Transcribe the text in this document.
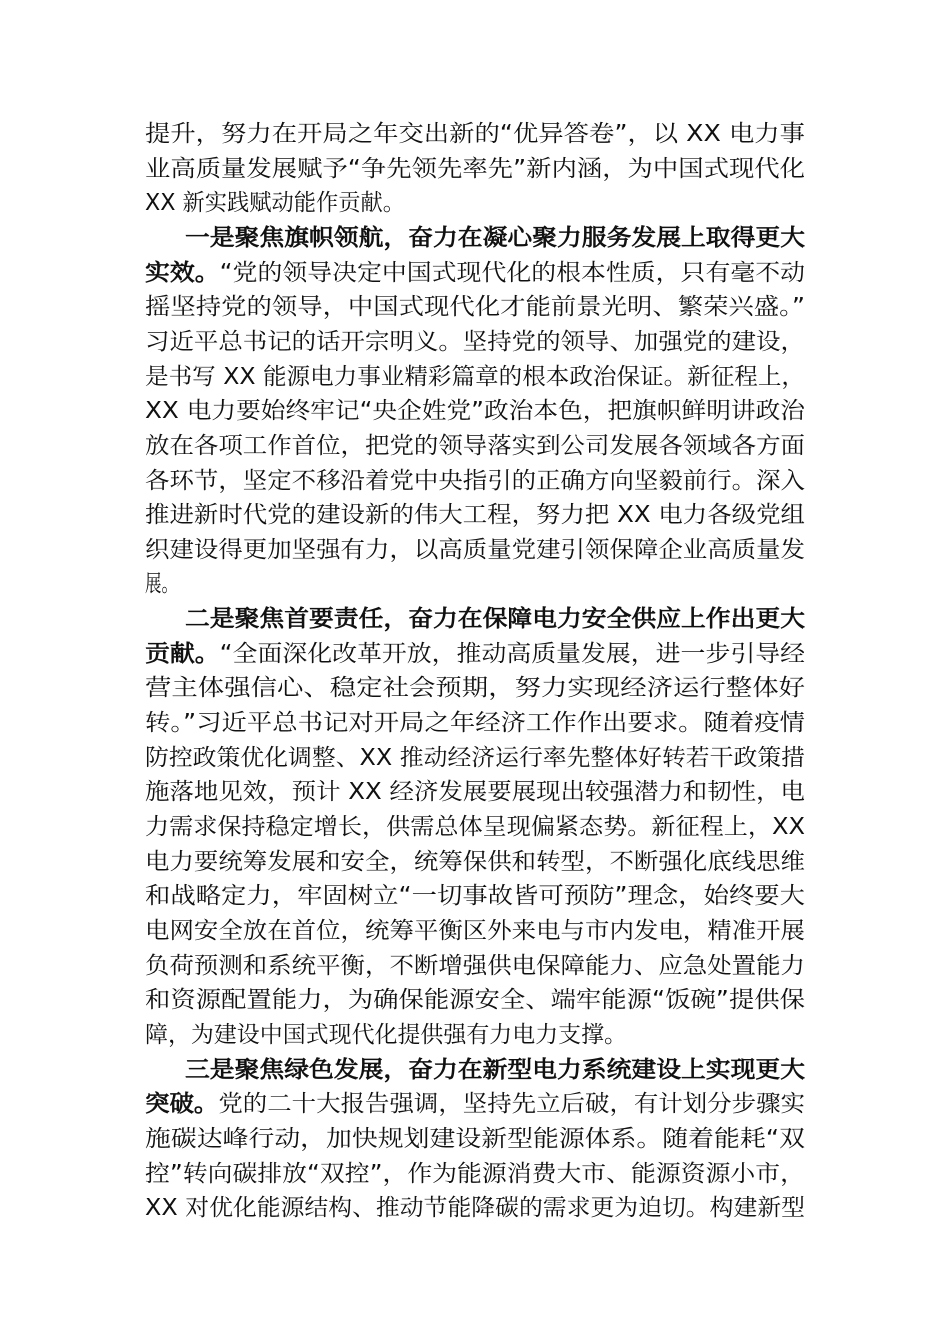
提升，努力在开局之年交出新的“优异答卷”，以 XX 电力事
业高质量发展赋予“争先领先率先”新内涵，为中国式现代化
XX 新实践赋动能作贡献。
一是聚焦旗帜领航，奋力在凝心聚力服务发展上取得更大
实效。“党的领导决定中国式现代化的根本性质，只有毫不动
摇坚持党的领导，中国式现代化才能前景光明、繁荣兴盛。”
习近平总书记的话开宗明义。坚持党的领导、加强党的建设，
是书写 XX 能源电力事业精彩篇章的根本政治保证。新征程上，
XX 电力要始终牢记“央企姓党”政治本色，把旗帜鲜明讲政治
放在各项工作首位，把党的领导落实到公司发展各领域各方面
各环节，坚定不移沿着党中央指引的正确方向坚毅前行。深入
推进新时代党的建设新的伟大工程，努力把 XX 电力各级党组
织建设得更加坚强有力，以高质量党建引领保障企业高质量发
展。
二是聚焦首要责任，奋力在保障电力安全供应上作出更大
贡献。“全面深化改革开放，推动高质量发展，进一步引导经
营主体强信心、稳定社会预期，努力实现经济运行整体好
转。”习近平总书记对开局之年经济工作作出要求。随着疫情
防控政策优化调整、XX 推动经济运行率先整体好转若干政策措
施落地见效，预计 XX 经济发展要展现出较强潜力和韧性，电
力需求保持稳定增长，供需总体呈现偏紧态势。新征程上，XX
电力要统筹发展和安全，统筹保供和转型，不断强化底线思维
和战略定力，牢固树立“一切事故皆可预防”理念，始终要大
电网安全放在首位，统筹平衡区外来电与市内发电，精准开展
负荷预测和系统平衡，不断增强供电保障能力、应急处置能力
和资源配置能力，为确保能源安全、端牢能源“饭碗”提供保
障，为建设中国式现代化提供强有力电力支撑。
三是聚焦绿色发展，奋力在新型电力系统建设上实现更大
突破。党的二十大报告强调，坚持先立后破，有计划分步骤实
施碳达峰行动，加快规划建设新型能源体系。随着能耗“双
控”转向碳排放“双控”，作为能源消费大市、能源资源小市，
XX 对优化能源结构、推动节能降碳的需求更为迫切。构建新型
